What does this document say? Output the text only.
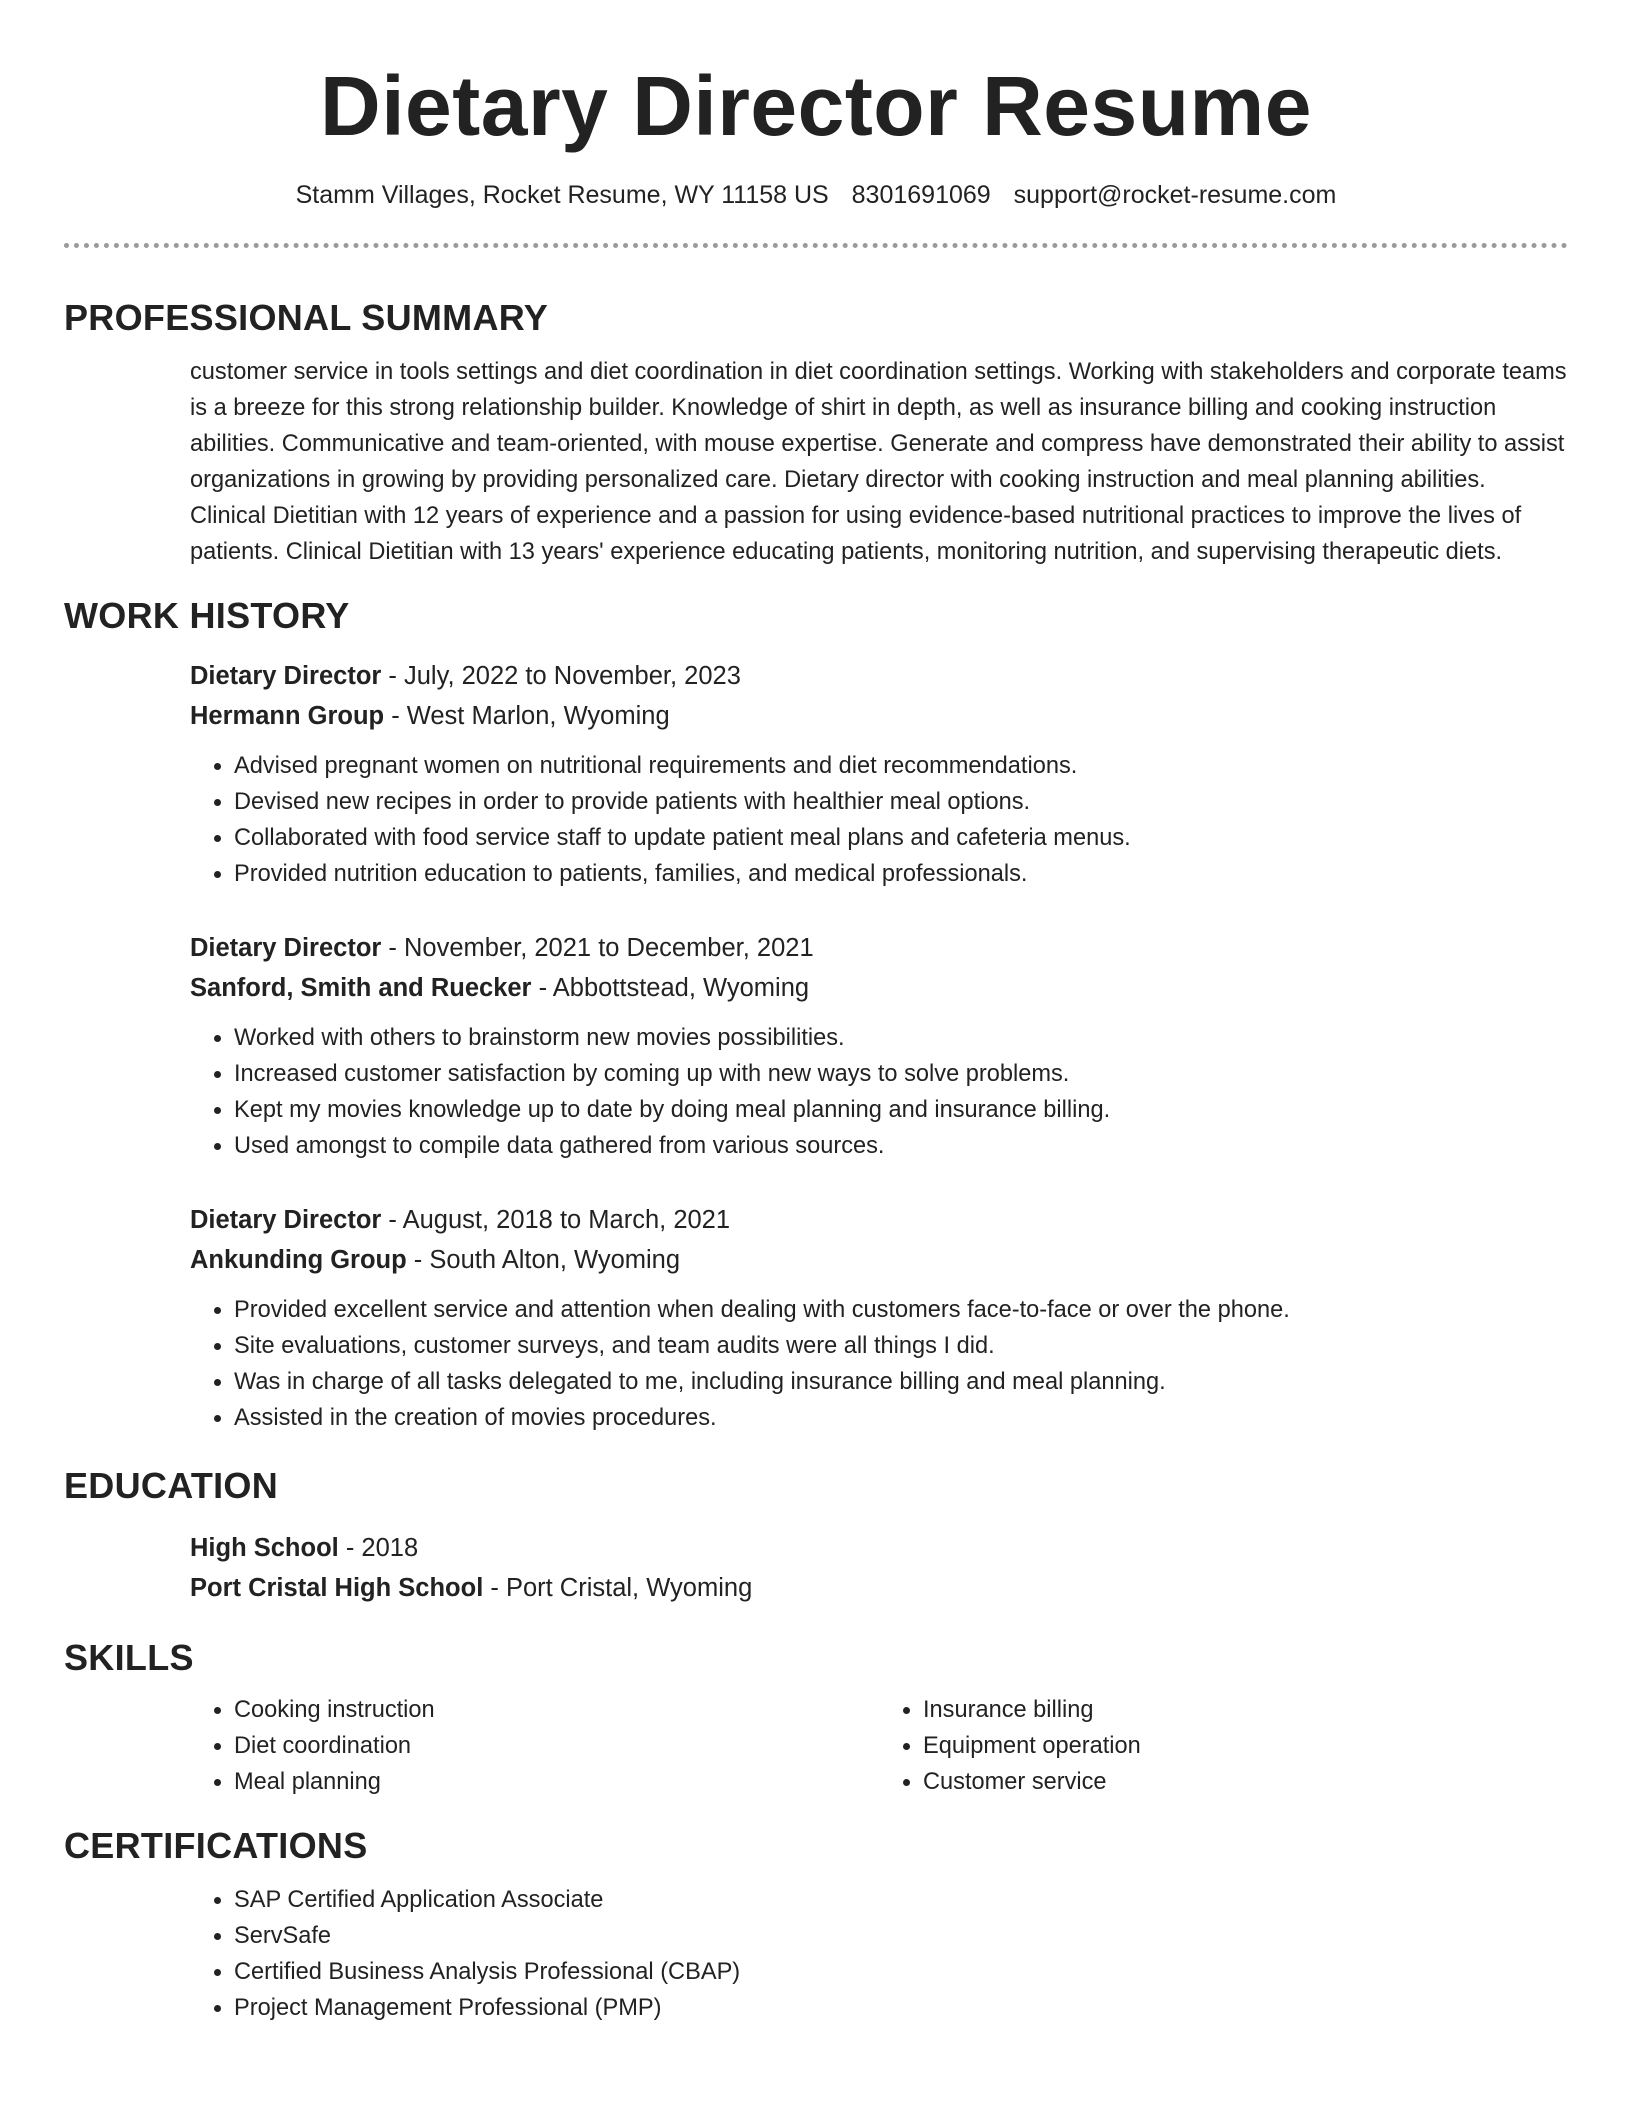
Dietary Director Resume
Stamm Villages, Rocket Resume, WY 11158 US 8301691069 support@rocket-resume.com
PROFESSIONAL SUMMARY
customer service in tools settings and diet coordination in diet coordination settings. Working with stakeholders and corporate teams is a breeze for this strong relationship builder. Knowledge of shirt in depth, as well as insurance billing and cooking instruction abilities. Communicative and team-oriented, with mouse expertise. Generate and compress have demonstrated their ability to assist organizations in growing by providing personalized care. Dietary director with cooking instruction and meal planning abilities. Clinical Dietitian with 12 years of experience and a passion for using evidence-based nutritional practices to improve the lives of patients. Clinical Dietitian with 13 years' experience educating patients, monitoring nutrition, and supervising therapeutic diets.
WORK HISTORY
Dietary Director - July, 2022 to November, 2023
Hermann Group - West Marlon, Wyoming
• Advised pregnant women on nutritional requirements and diet recommendations.
• Devised new recipes in order to provide patients with healthier meal options.
• Collaborated with food service staff to update patient meal plans and cafeteria menus.
• Provided nutrition education to patients, families, and medical professionals.
Dietary Director - November, 2021 to December, 2021
Sanford, Smith and Ruecker - Abbottstead, Wyoming
• Worked with others to brainstorm new movies possibilities.
• Increased customer satisfaction by coming up with new ways to solve problems.
• Kept my movies knowledge up to date by doing meal planning and insurance billing.
• Used amongst to compile data gathered from various sources.
Dietary Director - August, 2018 to March, 2021
Ankunding Group - South Alton, Wyoming
• Provided excellent service and attention when dealing with customers face-to-face or over the phone.
• Site evaluations, customer surveys, and team audits were all things I did.
• Was in charge of all tasks delegated to me, including insurance billing and meal planning.
• Assisted in the creation of movies procedures.
EDUCATION
High School - 2018
Port Cristal High School - Port Cristal, Wyoming
SKILLS
• Cooking instruction
• Diet coordination
• Meal planning
• Insurance billing
• Equipment operation
• Customer service
CERTIFICATIONS
• SAP Certified Application Associate
• ServSafe
• Certified Business Analysis Professional (CBAP)
• Project Management Professional (PMP)
